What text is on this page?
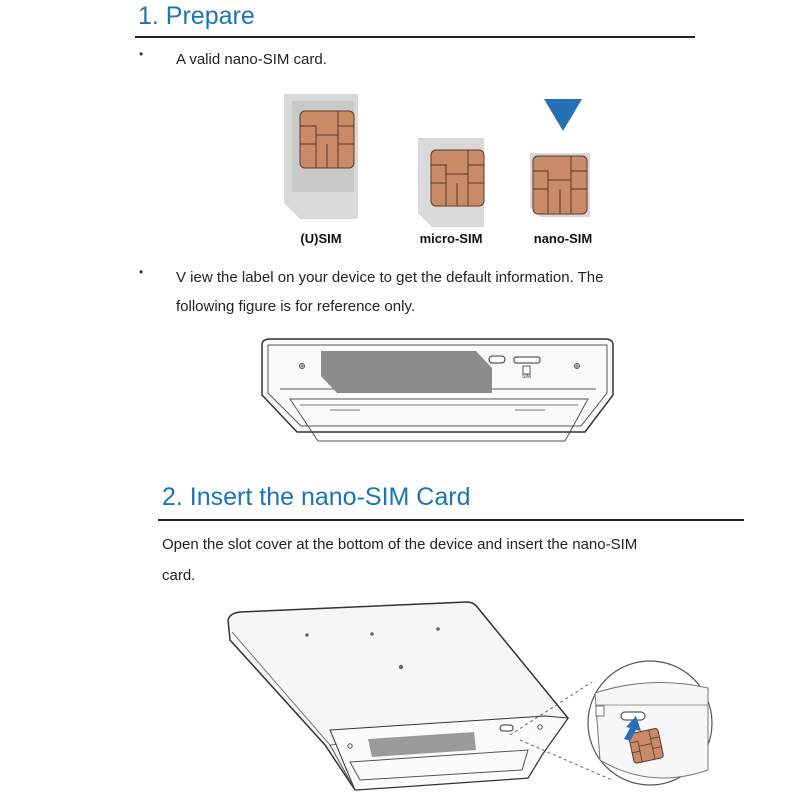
1. Prepare
• A valid nano-SIM card.
(U)SIM	micro-SIM	nano-SIM
• V iew the label on your device to get the default information. The
following figure is for reference only.
SIM
2. Insert the nano-SIM Card
Open the slot cover at the bottom of the device and insert the nano-SIM
card.
